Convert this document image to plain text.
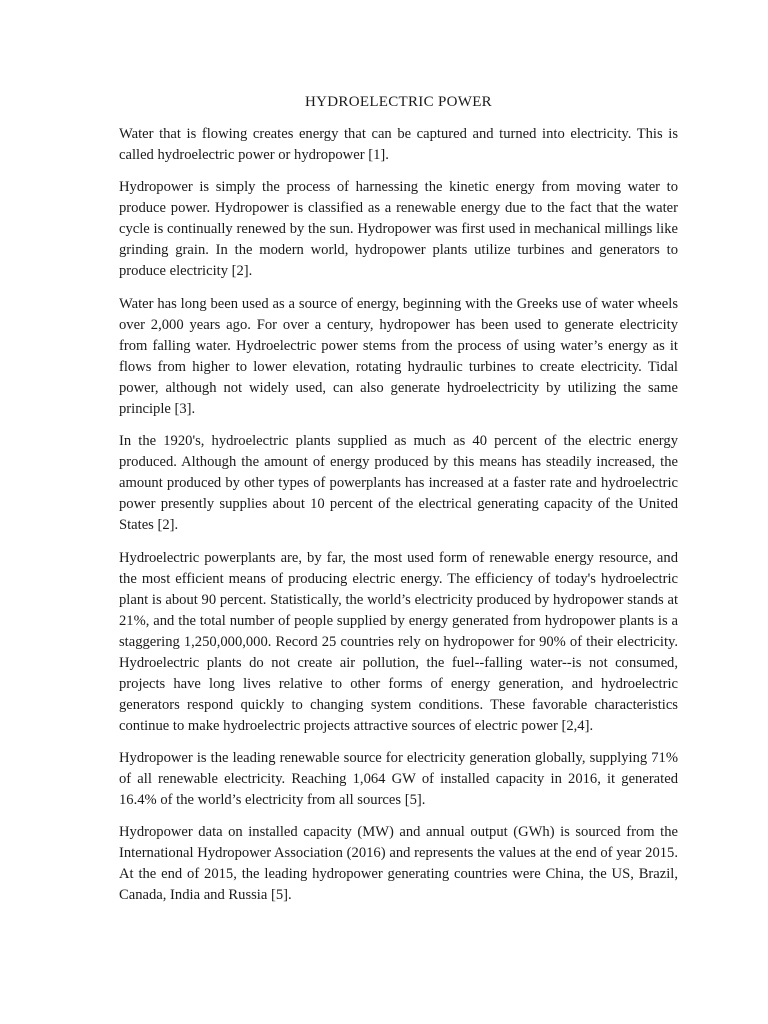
HYDROELECTRIC POWER

Water that is flowing creates energy that can be captured and turned into electricity. This is called hydroelectric power or hydropower [1].

Hydropower is simply the process of harnessing the kinetic energy from moving water to produce power. Hydropower is classified as a renewable energy due to the fact that the water cycle is continually renewed by the sun. Hydropower was first used in mechanical millings like grinding grain. In the modern world, hydropower plants utilize turbines and generators to produce electricity [2].

Water has long been used as a source of energy, beginning with the Greeks use of water wheels over 2,000 years ago. For over a century, hydropower has been used to generate electricity from falling water. Hydroelectric power stems from the process of using water’s energy as it flows from higher to lower elevation, rotating hydraulic turbines to create electricity. Tidal power, although not widely used, can also generate hydroelectricity by utilizing the same principle [3].

In the 1920's, hydroelectric plants supplied as much as 40 percent of the electric energy produced. Although the amount of energy produced by this means has steadily increased, the amount produced by other types of powerplants has increased at a faster rate and hydroelectric power presently supplies about 10 percent of the electrical generating capacity of the United States [2].

Hydroelectric powerplants are, by far, the most used form of renewable energy resource, and the most efficient means of producing electric energy. The efficiency of today's hydroelectric plant is about 90 percent. Statistically, the world’s electricity produced by hydropower stands at 21%, and the total number of people supplied by energy generated from hydropower plants is a staggering 1,250,000,000. Record 25 countries rely on hydropower for 90% of their electricity. Hydroelectric plants do not create air pollution, the fuel--falling water--is not consumed, projects have long lives relative to other forms of energy generation, and hydroelectric generators respond quickly to changing system conditions. These favorable characteristics continue to make hydroelectric projects attractive sources of electric power [2,4].

Hydropower is the leading renewable source for electricity generation globally, supplying 71% of all renewable electricity. Reaching 1,064 GW of installed capacity in 2016, it generated 16.4% of the world’s electricity from all sources [5].

Hydropower data on installed capacity (MW) and annual output (GWh) is sourced from the International Hydropower Association (2016) and represents the values at the end of year 2015. At the end of 2015, the leading hydropower generating countries were China, the US, Brazil, Canada, India and Russia [5].
